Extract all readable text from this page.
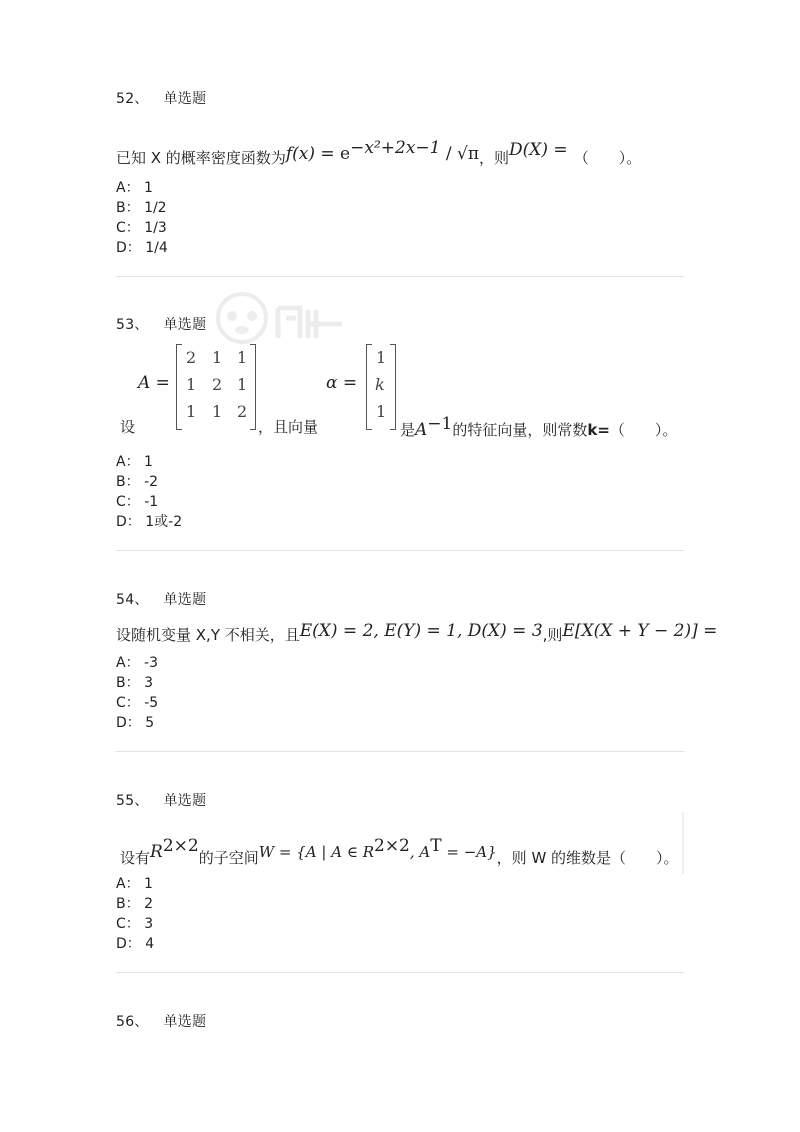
52、 单选题
已知 X 的概率密度函数为$f(x) = e^{-x^2+2x-1} / √\pi$，则D(X) = （　　）。
A： 1
B： 1/2
C： 1/3
D： 1/4
53、 单选题
设
A =
2 1 1
1 2 1
1 1 2
，且向量
α =
1
k
1
是$A^{-1}$的特征向量，则常数k=（　　）。
A： 1
B： -2
C： -1
D： 1或-2
54、 单选题
设随机变量 X,Y 不相关，且E(X) = 2, E(Y) = 1, D(X) = 3,则E[X(X + Y − 2)] =
A： -3
B： 3
C： -5
D： 5
55、 单选题
设有$R^{2\times 2}$的子空间W = {A | A ∈ $R^{2\times 2}$, $A^T = -A$}，则 W 的维数是（　　）。
A： 1
B： 2
C： 3
D： 4
56、 单选题
